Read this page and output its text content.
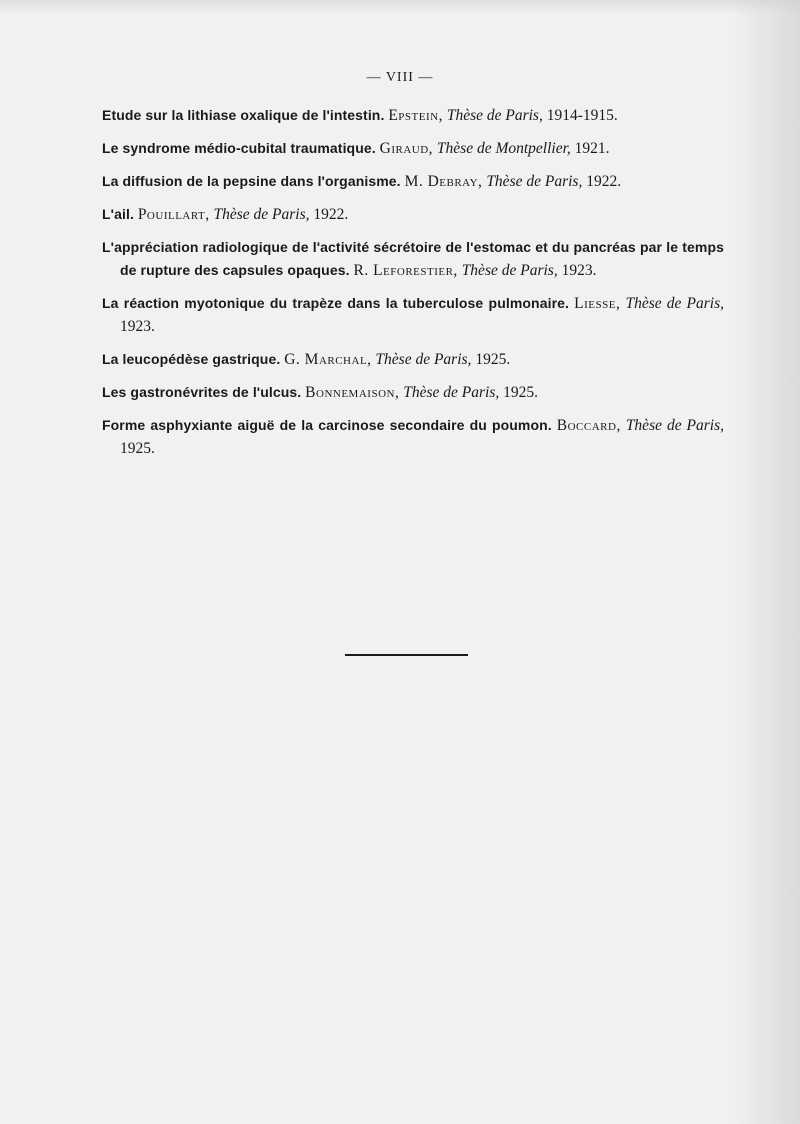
— VIII —

Etude sur la lithiase oxalique de l'intestin. Epstein, Thèse de Paris, 1914-1915.

Le syndrome médio-cubital traumatique. Giraud, Thèse de Montpellier, 1921.

La diffusion de la pepsine dans l'organisme. M. Debray, Thèse de Paris, 1922.

L'ail. Pouillart, Thèse de Paris, 1922.

L'appréciation radiologique de l'activité sécrétoire de l'estomac et du pancréas par le temps de rupture des capsules opaques. R. Leforestier, Thèse de Paris, 1923.

La réaction myotonique du trapèze dans la tuberculose pulmonaire. Liesse, Thèse de Paris, 1923.

La leucopédèse gastrique. G. Marchal, Thèse de Paris, 1925.

Les gastronévrites de l'ulcus. Bonnemaison, Thèse de Paris, 1925.

Forme asphyxiante aiguë de la carcinose secondaire du poumon. Boccard, Thèse de Paris, 1925.
